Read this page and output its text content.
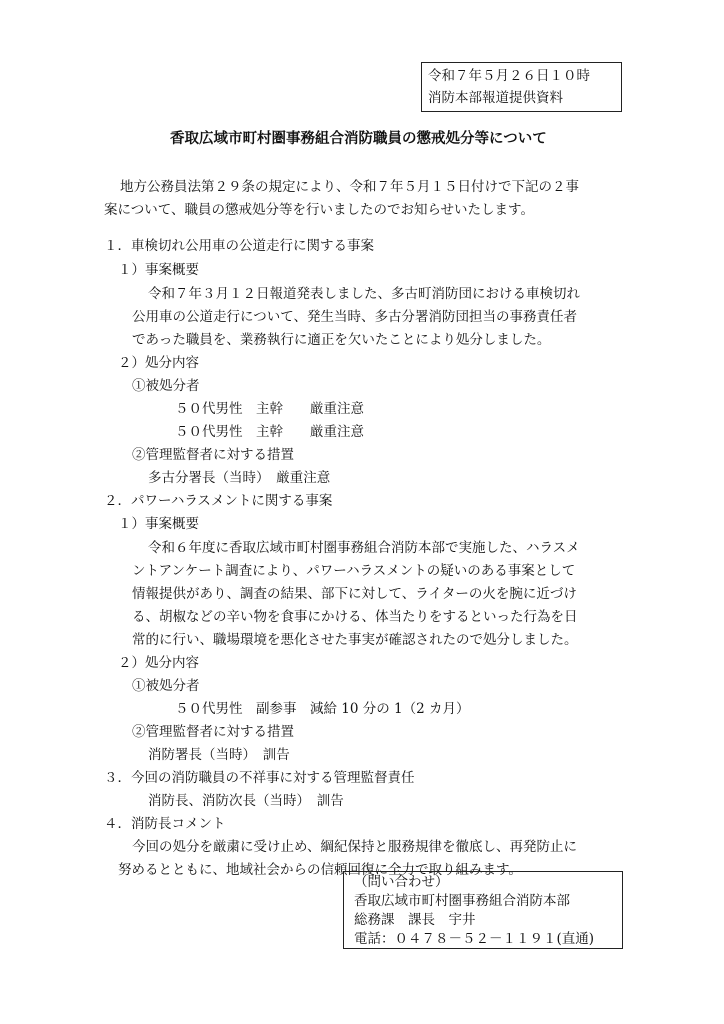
令和７年５月２６日１０時
消防本部報道提供資料
香取広域市町村圏事務組合消防職員の懲戒処分等について
地方公務員法第２９条の規定により、令和７年５月１５日付けで下記の２事
案について、職員の懲戒処分等を行いましたのでお知らせいたします。
１．車検切れ公用車の公道走行に関する事案
１）事案概要
令和７年３月１２日報道発表しました、多古町消防団における車検切れ
公用車の公道走行について、発生当時、多古分署消防団担当の事務責任者
であった職員を、業務執行に適正を欠いたことにより処分しました。
２）処分内容
①被処分者
５０代男性　主幹　　厳重注意
５０代男性　主幹　　厳重注意
②管理監督者に対する措置
多古分署長（当時）　厳重注意
２．パワーハラスメントに関する事案
１）事案概要
令和６年度に香取広域市町村圏事務組合消防本部で実施した、ハラスメ
ントアンケート調査により、パワーハラスメントの疑いのある事案として
情報提供があり、調査の結果、部下に対して、ライターの火を腕に近づけ
る、胡椒などの辛い物を食事にかける、体当たりをするといった行為を日
常的に行い、職場環境を悪化させた事実が確認されたので処分しました。
２）処分内容
①被処分者
５０代男性　副参事　減給 10 分の 1（2 カ月）
②管理監督者に対する措置
消防署長（当時）　訓告
３．今回の消防職員の不祥事に対する管理監督責任
消防長、消防次長（当時）　訓告
４．消防長コメント
今回の処分を厳粛に受け止め、綱紀保持と服務規律を徹底し、再発防止に
努めるとともに、地域社会からの信頼回復に全力で取り組みます。
（問い合わせ）
香取広域市町村圏事務組合消防本部
総務課　課長　宇井
電話：０４７８－５２－１１９１(直通)
